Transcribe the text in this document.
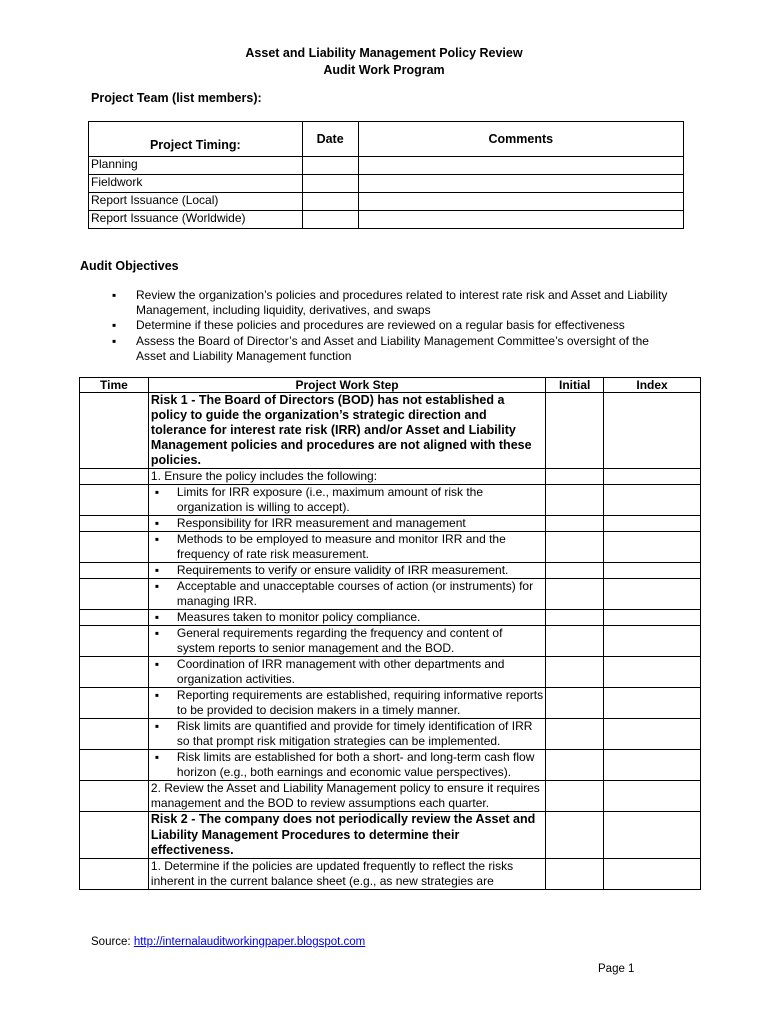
Asset and Liability Management Policy Review
Audit Work Program
Project Team (list members):
Project Timing:	Date	Comments
Planning		
Fieldwork		
Report Issuance (Local)		
Report Issuance (Worldwide)		
Audit Objectives
▪ Review the organization’s policies and procedures related to interest rate risk and Asset and Liability Management, including liquidity, derivatives, and swaps
▪ Determine if these policies and procedures are reviewed on a regular basis for effectiveness
▪ Assess the Board of Director’s and Asset and Liability Management Committee’s oversight of the Asset and Liability Management function
Time	Project Work Step	Initial	Index
	Risk 1 - The Board of Directors (BOD) has not established a policy to guide the organization’s strategic direction and tolerance for interest rate risk (IRR) and/or Asset and Liability Management policies and procedures are not aligned with these policies.		
	1. Ensure the policy includes the following:		

	▪ Limits for IRR exposure (i.e., maximum amount of risk the organization is willing to accept).		

	▪ Responsibility for IRR measurement and management		

	▪ Methods to be employed to measure and monitor IRR and the frequency of rate risk measurement.		

	▪ Requirements to verify or ensure validity of IRR measurement.		

	▪ Acceptable and unacceptable courses of action (or instruments) for managing IRR.		

	▪ Measures taken to monitor policy compliance.		

	▪ General requirements regarding the frequency and content of system reports to senior management and the BOD.		

	▪ Coordination of IRR management with other departments and organization activities.		

	▪ Reporting requirements are established, requiring informative reports to be provided to decision makers in a timely manner.		

	▪ Risk limits are quantified and provide for timely identification of IRR so that prompt risk mitigation strategies can be implemented.		

	▪ Risk limits are established for both a short- and long-term cash flow horizon (e.g., both earnings and economic value perspectives).		

	2. Review the Asset and Liability Management policy to ensure it requires management and the BOD to review assumptions each quarter.		
	Risk 2 - The company does not periodically review the Asset and Liability Management Procedures to determine their effectiveness.		
	1. Determine if the policies are updated frequently to reflect the risks inherent in the current balance sheet (e.g., as new strategies are		
Source: http://internalauditworkingpaper.blogspot.com
Page 1
